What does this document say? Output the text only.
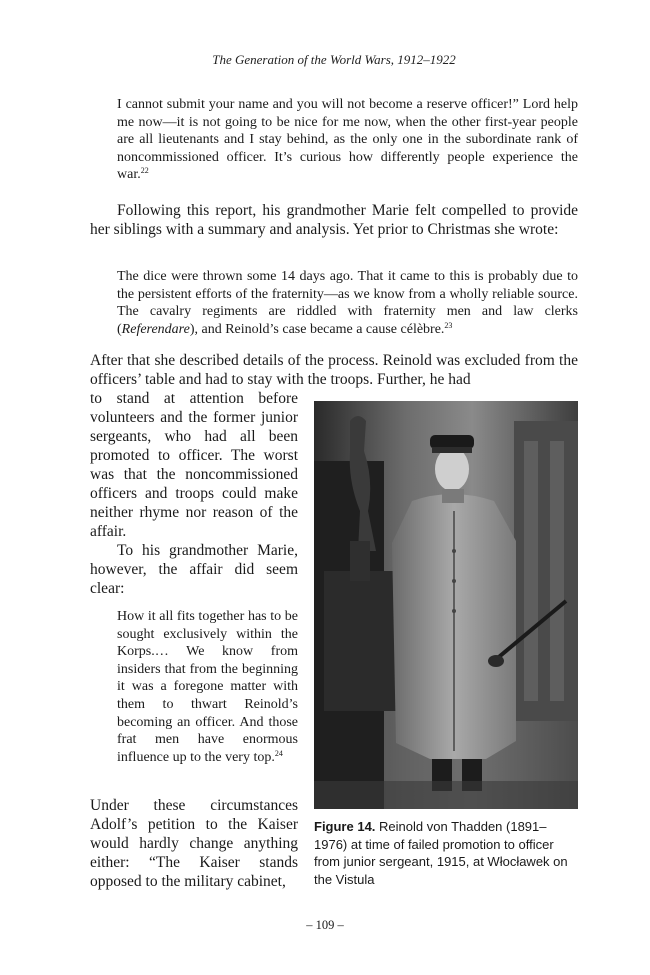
The Generation of the World Wars, 1912–1922

I cannot submit your name and you will not become a reserve officer!” Lord help me now—it is not going to be nice for me now, when the other first-year people are all lieutenants and I stay behind, as the only one in the subordinate rank of noncommissioned officer. It’s curious how differently people experience the war.$^{22}$

Following this report, his grandmother Marie felt compelled to provide her siblings with a summary and analysis. Yet prior to Christmas she wrote:

The dice were thrown some 14 days ago. That it came to this is probably due to the persistent efforts of the fraternity—as we know from a wholly reliable source. The cavalry regiments are riddled with fraternity men and law clerks (Referendare), and Reinold’s case became a cause célèbre.$^{23}$

After that she described details of the process. Reinold was excluded from the officers’ table and had to stay with the troops. Further, he had

to stand at attention before volunteers and the former junior sergeants, who had all been promoted to officer. The worst was that the noncommissioned officers and troops could make neither rhyme nor reason of the affair.

To his grandmother Marie, however, the affair did seem clear:

How it all fits together has to be sought exclusively within the Korps.… We know from insiders that from the beginning it was a foregone matter with them to thwart Reinold’s becoming an officer. And those frat men have enormous influence up to the very top.$^{24}$

Under these circumstances Adolf’s petition to the Kaiser would hardly change anything either: “The Kaiser stands opposed to the military cabinet,

Figure 14. Reinold von Thadden (1891–1976) at time of failed promotion to officer from junior sergeant, 1915, at Włocławek on the Vistula
– 109 –
